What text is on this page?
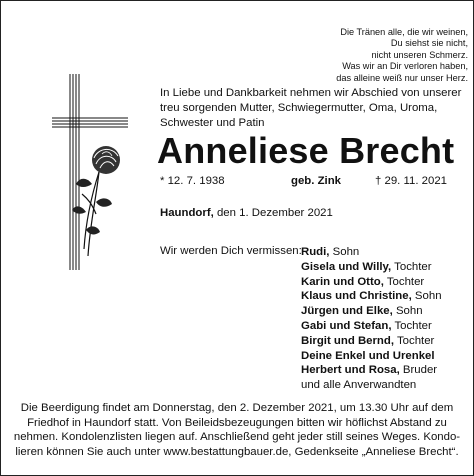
Die Tränen alle, die wir weinen,
Du siehst sie nicht,
nicht unseren Schmerz.
Was wir an Dir verloren haben,
das alleine weiß nur unser Herz.
In Liebe und Dankbarkeit nehmen wir Abschied von unserer
treu sorgenden Mutter, Schwiegermutter, Oma, Uroma,
Schwester und Patin
Anneliese Brecht
* 12. 7. 1938	geb. Zink	† 29. 11. 2021
Haundorf, den 1. Dezember 2021
Wir werden Dich vermissen: Rudi, Sohn
Gisela und Willy, Tochter
Karin und Otto, Tochter
Klaus und Christine, Sohn
Jürgen und Elke, Sohn
Gabi und Stefan, Tochter
Birgit und Bernd, Tochter
Deine Enkel und Urenkel
Herbert und Rosa, Bruder
und alle Anverwandten
Die Beerdigung findet am Donnerstag, den 2. Dezember 2021, um 13.30 Uhr auf dem
Friedhof in Haundorf statt. Von Beileidsbezeugungen bitten wir höflichst Abstand zu
nehmen. Kondolenzlisten liegen auf. Anschließend geht jeder still seines Weges. Kondo-
lieren können Sie auch unter www.bestattungbauer.de, Gedenkseite „Anneliese Brecht“.
